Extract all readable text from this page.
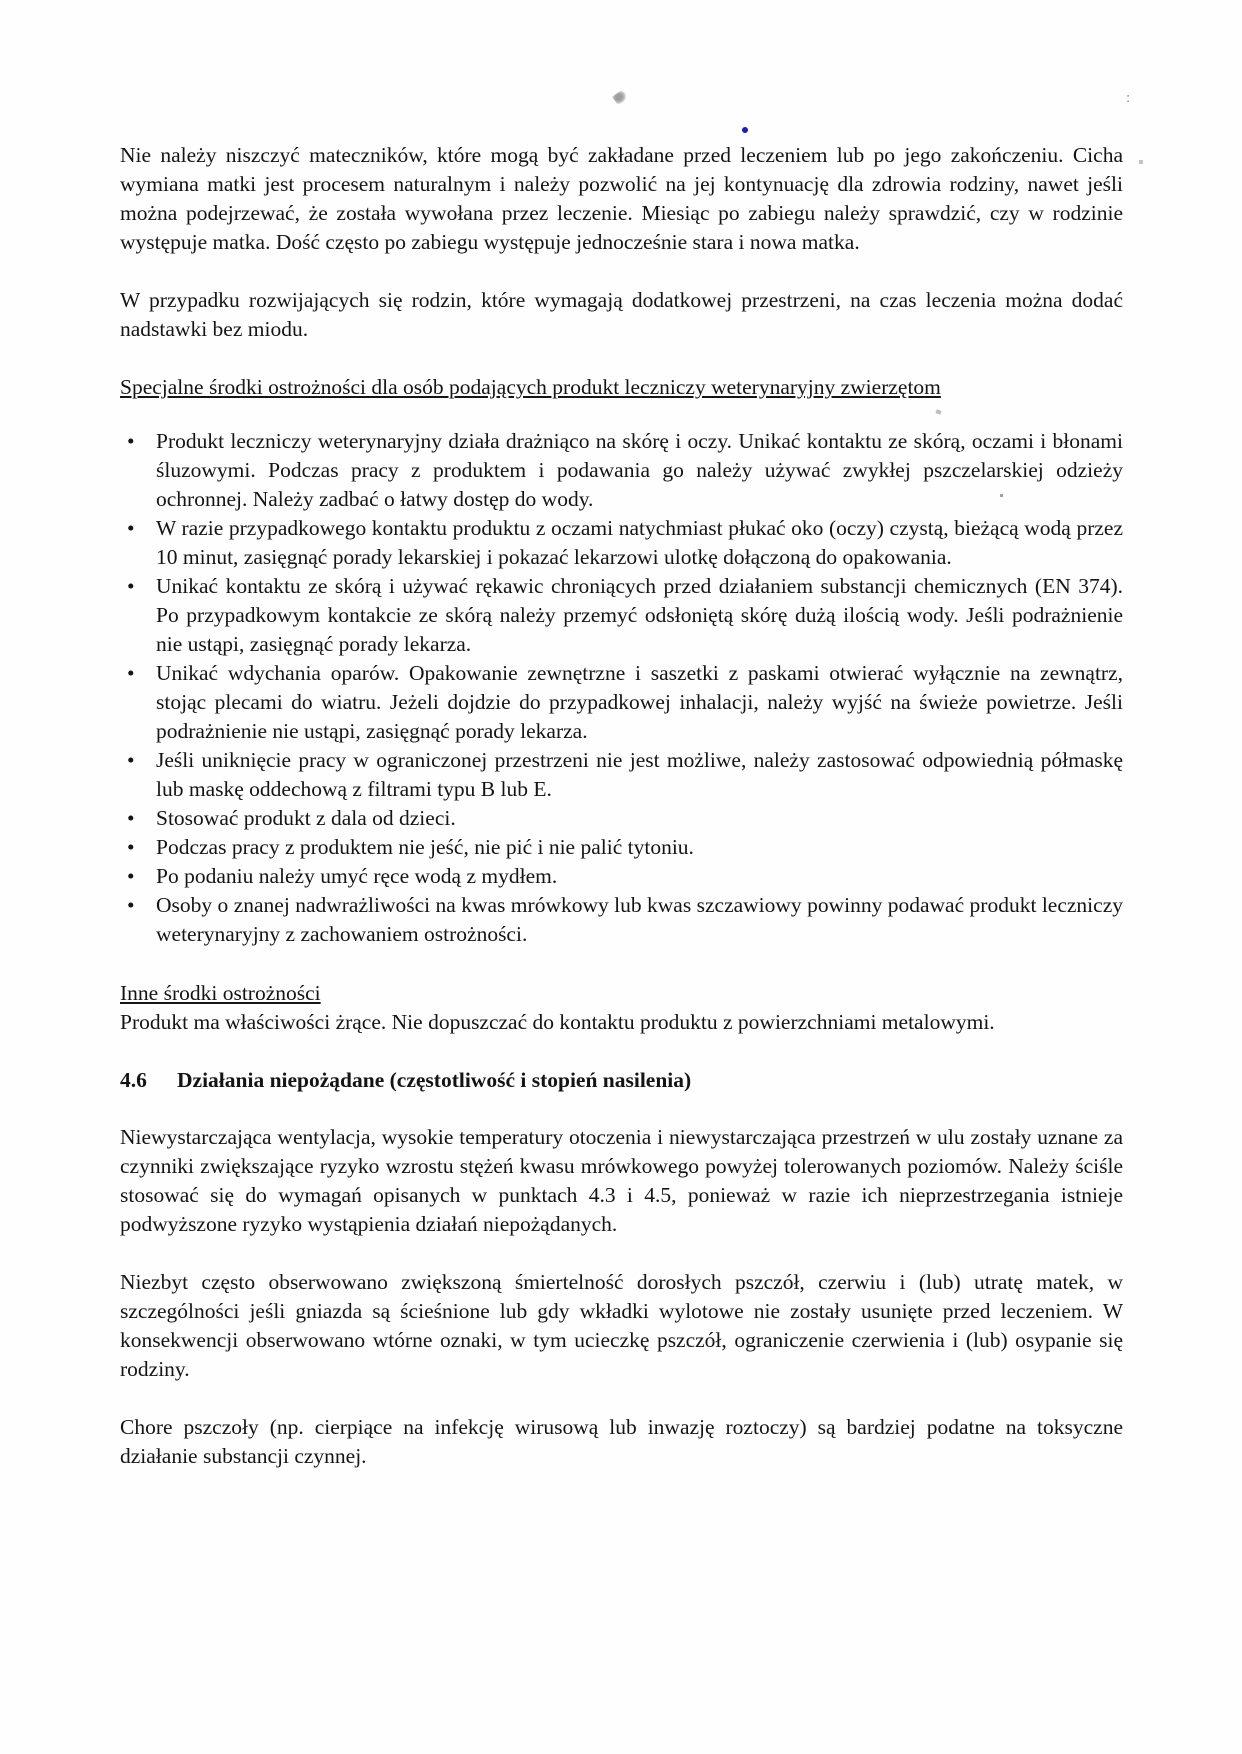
:

Nie należy niszczyć mateczników, które mogą być zakładane przed leczeniem lub po jego zakończeniu. Cicha wymiana matki jest procesem naturalnym i należy pozwolić na jej kontynuację dla zdrowia rodziny, nawet jeśli można podejrzewać, że została wywołana przez leczenie. Miesiąc po zabiegu należy sprawdzić, czy w rodzinie występuje matka. Dość często po zabiegu występuje jednocześnie stara i nowa matka.

W przypadku rozwijających się rodzin, które wymagają dodatkowej przestrzeni, na czas leczenia można dodać nadstawki bez miodu.

Specjalne środki ostrożności dla osób podających produkt leczniczy weterynaryjny zwierzętom
• Produkt leczniczy weterynaryjny działa drażniąco na skórę i oczy. Unikać kontaktu ze skórą, oczami i błonami śluzowymi. Podczas pracy z produktem i podawania go należy używać zwykłej pszczelarskiej odzieży ochronnej. Należy zadbać o łatwy dostęp do wody.
• W razie przypadkowego kontaktu produktu z oczami natychmiast płukać oko (oczy) czystą, bieżącą wodą przez 10 minut, zasięgnąć porady lekarskiej i pokazać lekarzowi ulotkę dołączoną do opakowania.
• Unikać kontaktu ze skórą i używać rękawic chroniących przed działaniem substancji chemicznych (EN 374). Po przypadkowym kontakcie ze skórą należy przemyć odsłoniętą skórę dużą ilością wody. Jeśli podrażnienie nie ustąpi, zasięgnąć porady lekarza.
• Unikać wdychania oparów. Opakowanie zewnętrzne i saszetki z paskami otwierać wyłącznie na zewnątrz, stojąc plecami do wiatru. Jeżeli dojdzie do przypadkowej inhalacji, należy wyjść na świeże powietrze. Jeśli podrażnienie nie ustąpi, zasięgnąć porady lekarza.
• Jeśli uniknięcie pracy w ograniczonej przestrzeni nie jest możliwe, należy zastosować odpowiednią półmaskę lub maskę oddechową z filtrami typu B lub E.
• Stosować produkt z dala od dzieci.
• Podczas pracy z produktem nie jeść, nie pić i nie palić tytoniu.
• Po podaniu należy umyć ręce wodą z mydłem.
• Osoby o znanej nadwrażliwości na kwas mrówkowy lub kwas szczawiowy powinny podawać produkt leczniczy weterynaryjny z zachowaniem ostrożności.
Inne środki ostrożności

Produkt ma właściwości żrące. Nie dopuszczać do kontaktu produktu z powierzchniami metalowymi.

4.6	Działania niepożądane (częstotliwość i stopień nasilenia)

Niewystarczająca wentylacja, wysokie temperatury otoczenia i niewystarczająca przestrzeń w ulu zostały uznane za czynniki zwiększające ryzyko wzrostu stężeń kwasu mrówkowego powyżej tolerowanych poziomów. Należy ściśle stosować się do wymagań opisanych w punktach 4.3 i 4.5, ponieważ w razie ich nieprzestrzegania istnieje podwyższone ryzyko wystąpienia działań niepożądanych.

Niezbyt często obserwowano zwiększoną śmiertelność dorosłych pszczół, czerwiu i (lub) utratę matek, w szczególności jeśli gniazda są ścieśnione lub gdy wkładki wylotowe nie zostały usunięte przed leczeniem. W konsekwencji obserwowano wtórne oznaki, w tym ucieczkę pszczół, ograniczenie czerwienia i (lub) osypanie się rodziny.

Chore pszczoły (np. cierpiące na infekcję wirusową lub inwazję roztoczy) są bardziej podatne na toksyczne działanie substancji czynnej.
